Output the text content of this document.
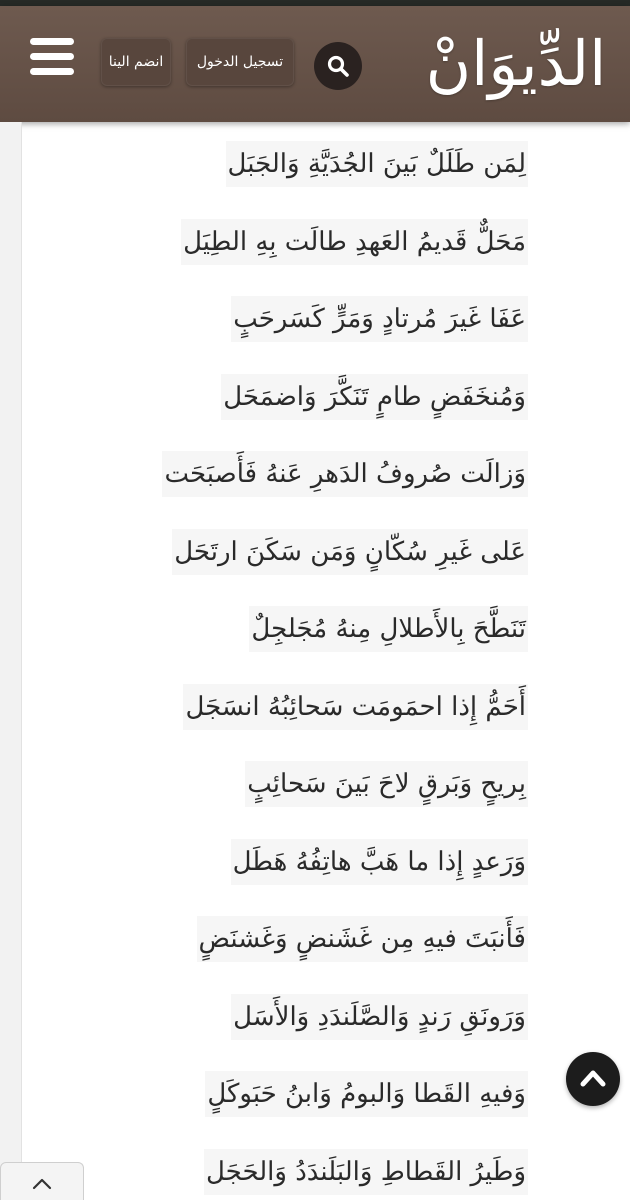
انضم الينا	تسجيل الدخول الدِّيوَانْ
لِمَن طَلَلٌ بَينَ الجُدَيَّةِ وَالجَبَل
مَحَلٌّ قَديمُ العَهدِ طالَت بِهِ الطِيَل
عَفَا غَيرَ مُرتادٍ وَمَرٍّ كَسَرحَبٍ
وَمُنخَفَضٍ طامٍ تَنَكَّرَ وَاضمَحَل
وَزالَت صُروفُ الدَهرِ عَنهُ فَأَصبَحَت
عَلى غَيرِ سُكّانٍ وَمَن سَكَنَ ارتَحَل
تَنَطَّحَ بِالأَطلالِ مِنهُ مُجَلجِلٌ
أَحَمُّ إِذا احمَومَت سَحائِبُهُ انسَجَل
بِريحٍ وَبَرقٍ لاحَ بَينَ سَحائِبٍ
وَرَعدٍ إِذا ما هَبَّ هاتِفُهُ هَطَل
فَأَنبَتَ فيهِ مِن غَشَنضٍ وَغَشنَضٍ
وَرَونَقِ رَندٍ وَالصَّلَندَدِ وَالأَسَل
وَفيهِ القَطا وَالبومُ وَابنُ حَبَوكَلٍ
وَطَيرُ القَطاطِ وَالبَلَندَدُ وَالحَجَل
